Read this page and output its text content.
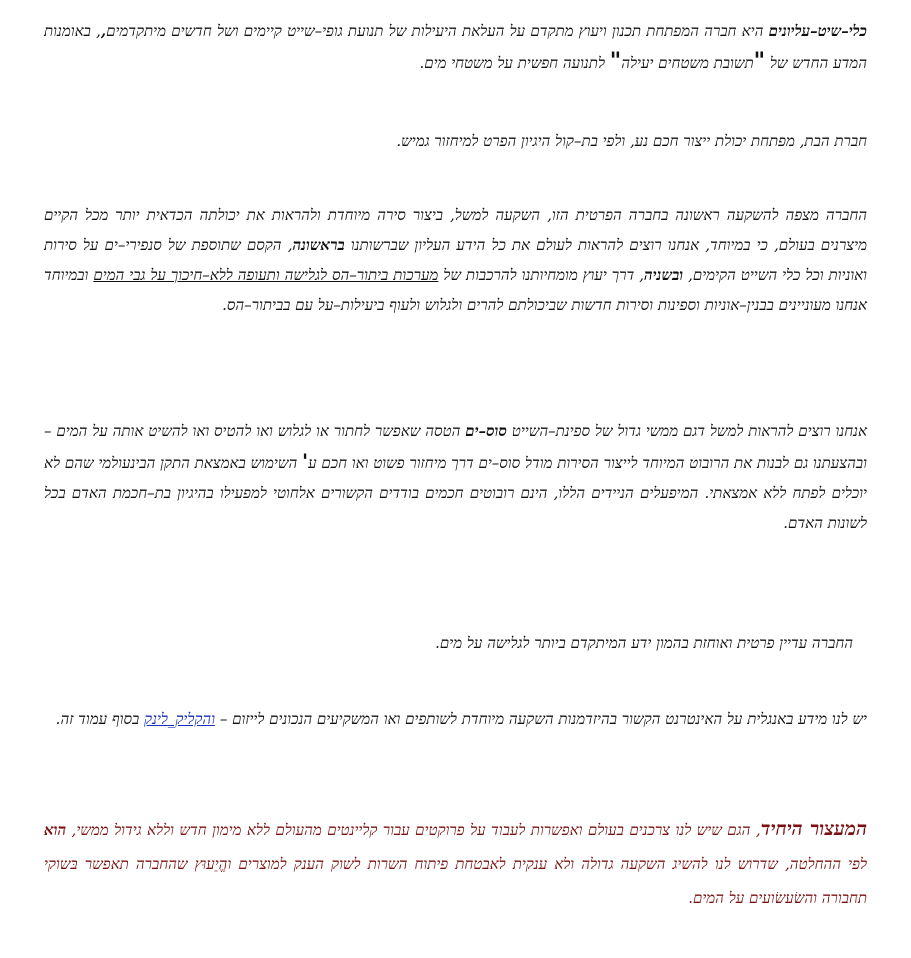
כלי–שיט–עליונים היא חברה המפתחת תכנון ויעוץ מתקדם על העלאת היעילות של תנועת גופי–שייט קיימים ושל חדשים מיתקדמים,, באומנות המדע החדש של "תשובת משטחים יעילה" לתנועה חפשית על משטחי מים.

חברת הבת, מפתחת יכולת ייצור חכם נע, ולפי בת–קול היגיון הפרט למיחזור גמיש.

החברה מצפה להשקעה ראשונה בחברה הפרטית הזו, השקעה למשל, ביצור סירה מיוחדת ולהראות את יכולתה הכדאית יותר מכל הקיים מיצרנים בעולם, כי במיוחד, אנחנו רוצים להראות לעולם את כל הידע העליון שברשותנו בראשונה, הקסם שתוספת של סנפירי–ים על סירות ואוניות וכל כלי השייט הקימים, ובשניה, דרך יעוץ מומחיותנו להרכבות של מערכות ביתור–הס לגלישה ותעופה ללא–חיכוך על גבי המים ובמיוחד אנחנו מעוניינים בבנין–אוניות וספינות וסירות חדשות שביכולתם להרים ולגלוש ולעוף ביעילות–על עם בביתור–הס.

אנחנו רוצים להראות למשל דגם ממשי גדול של ספינת–השייט סוס–ים הטסה שאפשר לחתור או לגלוש ואו להטיס ואו להשיט אותה על המים – ובהצעתנו גם לבנות את הרובוט המיוחד לייצור הסירות מודל סוס–ים דרך מיחזור פשוט ואו חכם ע' השימוש באמצאת התקן הבינעולמי שהם לא יוכלים לפתח ללא אמצאתי. המיפעלים הניידים הללו, הינם רובוטים חכמים בודדים הקשורים אלחוטי למפעילו בהיגיון בת–חכמת האדם בכל לשונות האדם.

החברה עדיין פרטית ואוחזת בהמון ידע המיתקדם ביותר לגלישה על מים.

יש לנו מידע באנגלית על האינטרנט הקשור בהיזדמנות השקעה מיוחדת לשותפים ואו המשקיעים הנכונים לייזום – והקליק_לינק בסוף עמוד זה.

המעצור היחיד, הגם שיש לנו צרכנים בעולם ואפשרות לעבוד על פרוקטים עבור קליינטים מהעולם ללא מימון חדש וללא גידול ממשי, הוא לפי ההחלטה, שדרוש לנו להשיג השקעה גדולה ולא ענקית לאבטחת פיתוח השרות לשוק הענק למוצרים והֱיֵעוּץ שהחברה תאפשר בּשוקי תחבורה והשׂעשׂועים על המים.
